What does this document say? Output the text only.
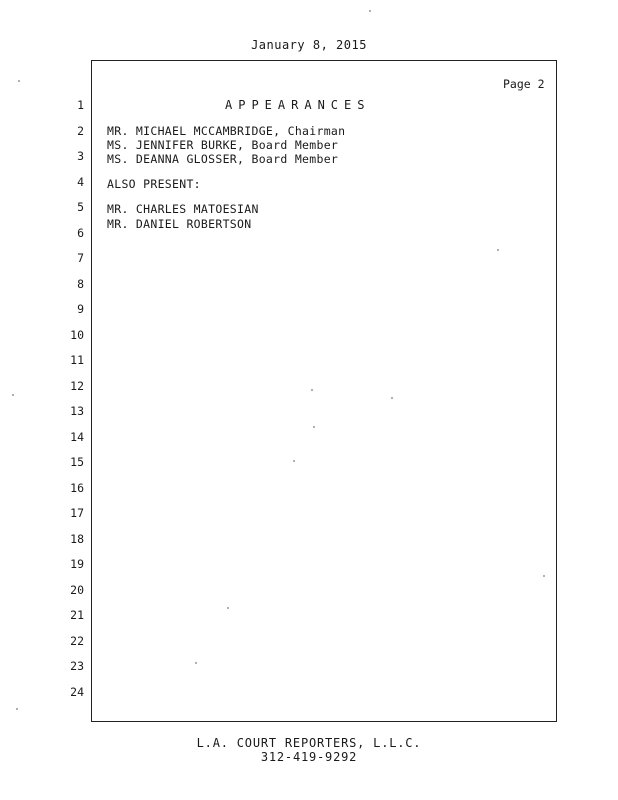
January 8, 2015
Page 2
1
2
3
4
5
6
7
8
9
10
11
12
13
14
15
16
17
18
19
20
21
22
23
24
APPEARANCES
MR. MICHAEL MCCAMBRIDGE, Chairman
MS. JENNIFER BURKE, Board Member
MS. DEANNA GLOSSER, Board Member
ALSO PRESENT:
MR. CHARLES MATOESIAN
MR. DANIEL ROBERTSON
L.A. COURT REPORTERS, L.L.C.
312-419-9292
